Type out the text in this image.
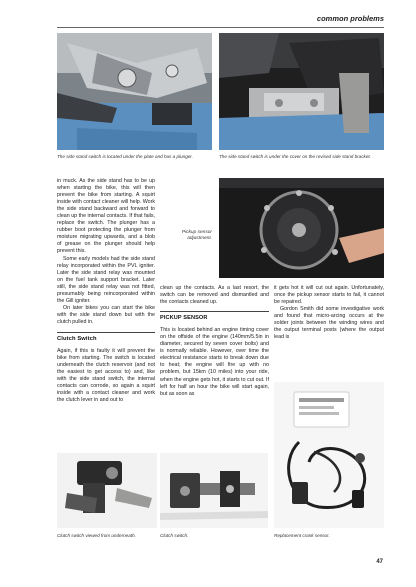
common problems
The side stand switch is located under the plate and has a plunger.	The side stand switch is under the cover on the revised side stand bracket.

in muck. As the side stand has to be up when starting the bike, this will then prevent the bike from starting. A squirt inside with contact cleaner will help. Work the side stand backward and forward to clean up the internal contacts. If that fails, replace the switch. The plunger has a rubber boot protecting the plunger from moisture migrating upwards, and a blob of grease on the plunger should help prevent this.

Some early models had the side stand relay incorporated within the PVL igniter. Later the side stand relay was mounted on the fuel tank support bracket. Later still, the side stand relay was not fitted, presumably being reincorporated within the Gill igniter.

On later bikes you can start the bike with the side stand down but with the clutch pulled in.

Clutch Switch

Again, if this is faulty it will prevent the bike from starting. The switch is located underneath the clutch reservoir (and not the easiest to get access to) and, like with the side stand switch, the internal contacts can corrode, so again a squirt inside with a contact cleaner and work the clutch lever in and out to

Pickup sensor adjustment.

clean up the contacts. As a last resort, the switch can be removed and dismantled and the contacts cleaned up.

PICKUP SENSOR

This is located behind an engine timing cover on the offside of the engine (140mm/5.5in in diameter, secured by seven cover bolts) and is normally reliable. However, over time the electrical resistance starts to break down due to heat; the engine will fire up with no problem, but 15km (10 miles) into your ride, when the engine gets hot, it starts to cut out. If left for half an hour the bike will start again, but as soon as

it gets hot it will cut out again. Unfortunately, once the pickup sensor starts to fail, it cannot be repaired.

Gordon Smith did some investigative work and found that micro-arcing occurs at the solder joints between the winding wires and the output terminal posts (where the output lead is

Clutch switch viewed from underneath.	Clutch switch.	Replacement crank sensor.
47
